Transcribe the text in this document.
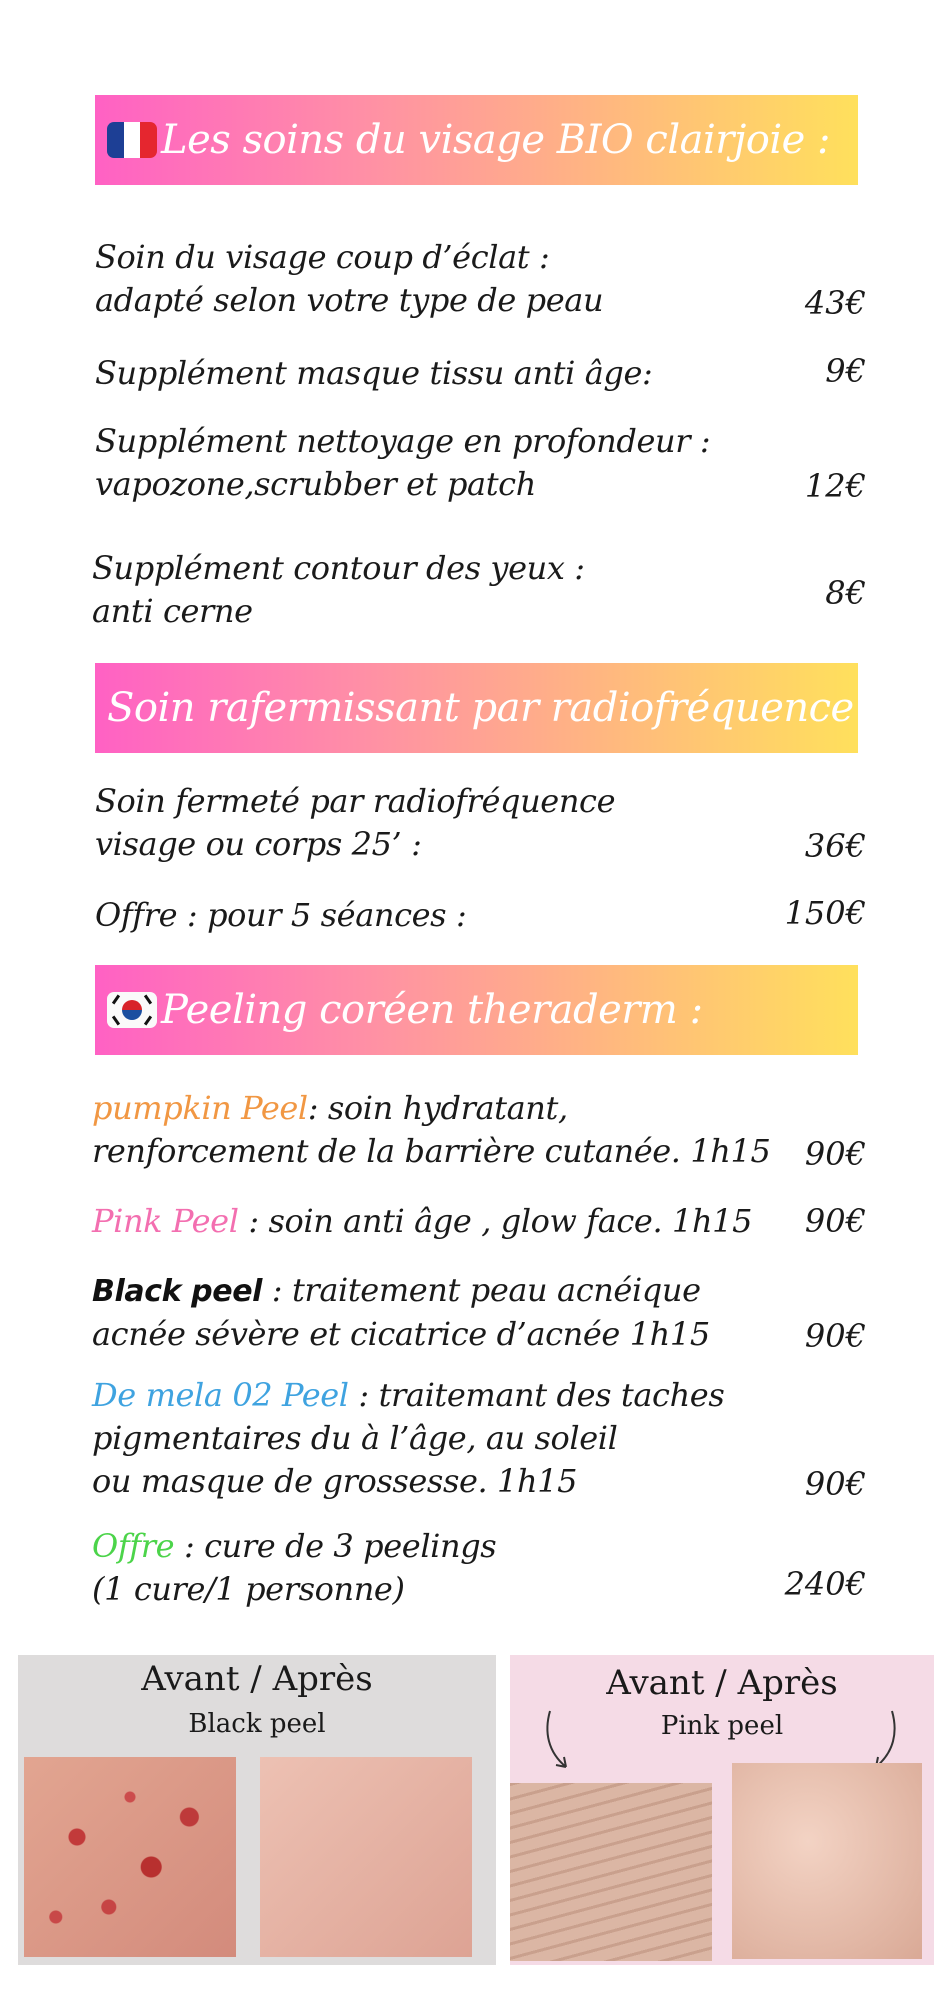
Les soins du visage BIO clairjoie :
Soin du visage coup d’éclat :
adapté selon votre type de peau	43€
Supplément masque tissu anti âge:	9€
Supplément nettoyage en profondeur :
vapozone,scrubber et patch	12€
Supplément contour des yeux :
anti cerne	8€
Soin rafermissant par radiofréquence :
Soin fermeté par radiofréquence
visage ou corps 25’ :	36€
Offre : pour 5 séances :	150€
Peeling coréen theraderm :
pumpkin Peel: soin hydratant,
renforcement de la barrière cutanée. 1h15 90€
Pink Peel : soin anti âge , glow face. 1h15 90€
Black peel : traitement peau acnéique
acnée sévère et cicatrice d’acnée 1h15	90€
De mela 02 Peel : traitemant des taches
pigmentaires du à l’âge, au soleil
ou masque de grossesse. 1h15	90€
Offre : cure de 3 peelings
(1 cure/1 personne)	240€
Avant / Après
Black peel
Avant / Après
Pink peel
